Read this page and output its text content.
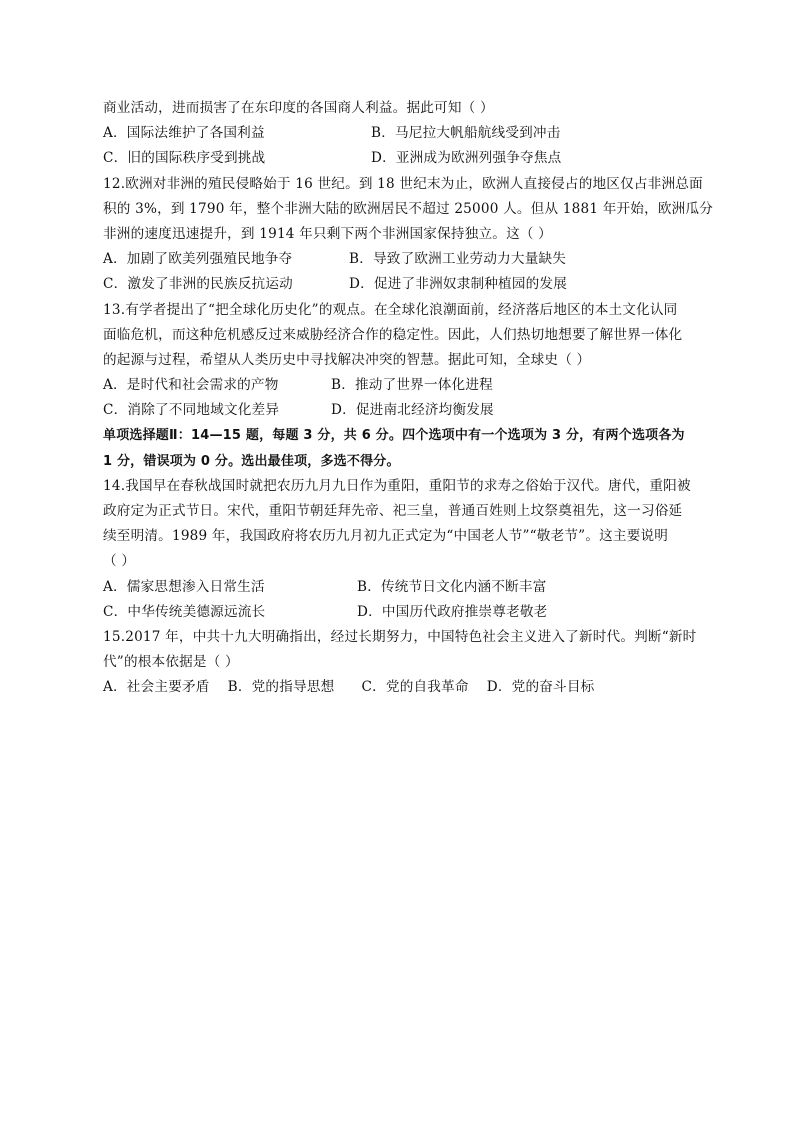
商业活动，进而损害了在东印度的各国商人利益。据此可知（ ）
A．国际法维护了各国利益	B．马尼拉大帆船航线受到冲击
C．旧的国际秩序受到挑战	D．亚洲成为欧洲列强争夺焦点
12.欧洲对非洲的殖民侵略始于 16 世纪。到 18 世纪末为止，欧洲人直接侵占的地区仅占非洲总面
积的 3%，到 1790 年，整个非洲大陆的欧洲居民不超过 25000 人。但从 1881 年开始，欧洲瓜分
非洲的速度迅速提升，到 1914 年只剩下两个非洲国家保持独立。这（ ）
A．加剧了欧美列强殖民地争夺	B．导致了欧洲工业劳动力大量缺失
C．激发了非洲的民族反抗运动	D．促进了非洲奴隶制种植园的发展
13.有学者提出了“把全球化历史化”的观点。在全球化浪潮面前，经济落后地区的本土文化认同
面临危机，而这种危机感反过来威胁经济合作的稳定性。因此，人们热切地想要了解世界一体化
的起源与过程，希望从人类历史中寻找解决冲突的智慧。据此可知，全球史（ ）
A．是时代和社会需求的产物	B．推动了世界一体化进程
C．消除了不同地域文化差异	D．促进南北经济均衡发展
单项选择题Ⅱ：14—15 题，每题 3 分，共 6 分。四个选项中有一个选项为 3 分，有两个选项各为
1 分，错误项为 0 分。选出最佳项，多选不得分。
14.我国早在春秋战国时就把农历九月九日作为重阳，重阳节的求寿之俗始于汉代。唐代，重阳被
政府定为正式节日。宋代，重阳节朝廷拜先帝、祀三皇，普通百姓则上坟祭奠祖先，这一习俗延
续至明清。1989 年，我国政府将农历九月初九正式定为“中国老人节”“敬老节”。这主要说明
（ ）
A．儒家思想渗入日常生活	B．传统节日文化内涵不断丰富
C．中华传统美德源远流长	D．中国历代政府推崇尊老敬老
15.2017 年，中共十九大明确指出，经过长期努力，中国特色社会主义进入了新时代。判断“新时
代”的根本依据是（ ）
A．社会主要矛盾    B．党的指导思想      C．党的自我革命    D．党的奋斗目标
